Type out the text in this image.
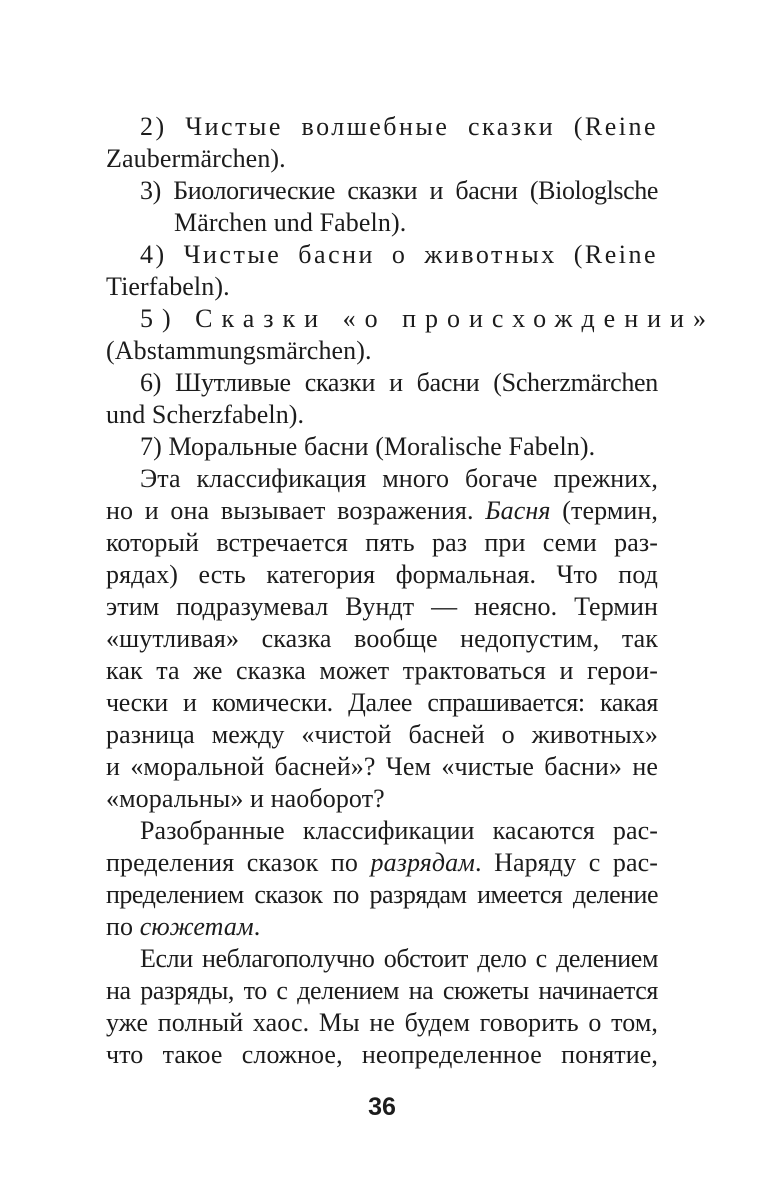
2) Чистые волшебные сказки (Reine
Zaubermärchen).
3) Биологические сказки и басни (Biologlsche
Märchen und Fabeln).
4) Чистые басни о животных (Reine
Tierfabeln).
5) Сказки «о происхождении»
(Abstammungsmärchen).
6) Шутливые сказки и басни (Scherzmärchen
und Scherzfabeln).
7) Моральные басни (Moralische Fabeln).
Эта классификация много богаче прежних,
но и она вызывает возражения. Басня (термин,
который встречается пять раз при семи раз-
рядах) есть категория формальная. Что под
этим подразумевал Вундт — неясно. Термин
«шутливая» сказка вообще недопустим, так
как та же сказка может трактоваться и герои-
чески и комически. Далее спрашивается: какая
разница между «чистой басней о животных»
и «моральной басней»? Чем «чистые басни» не
«моральны» и наоборот?
Разобранные классификации касаются рас-
пределения сказок по разрядам. Наряду с рас-
пределением сказок по разрядам имеется деление
по сюжетам.
Если неблагополучно обстоит дело с делением
на разряды, то с делением на сюжеты начинается
уже полный хаос. Мы не будем говорить о том,
что такое сложное, неопределенное понятие,
36
